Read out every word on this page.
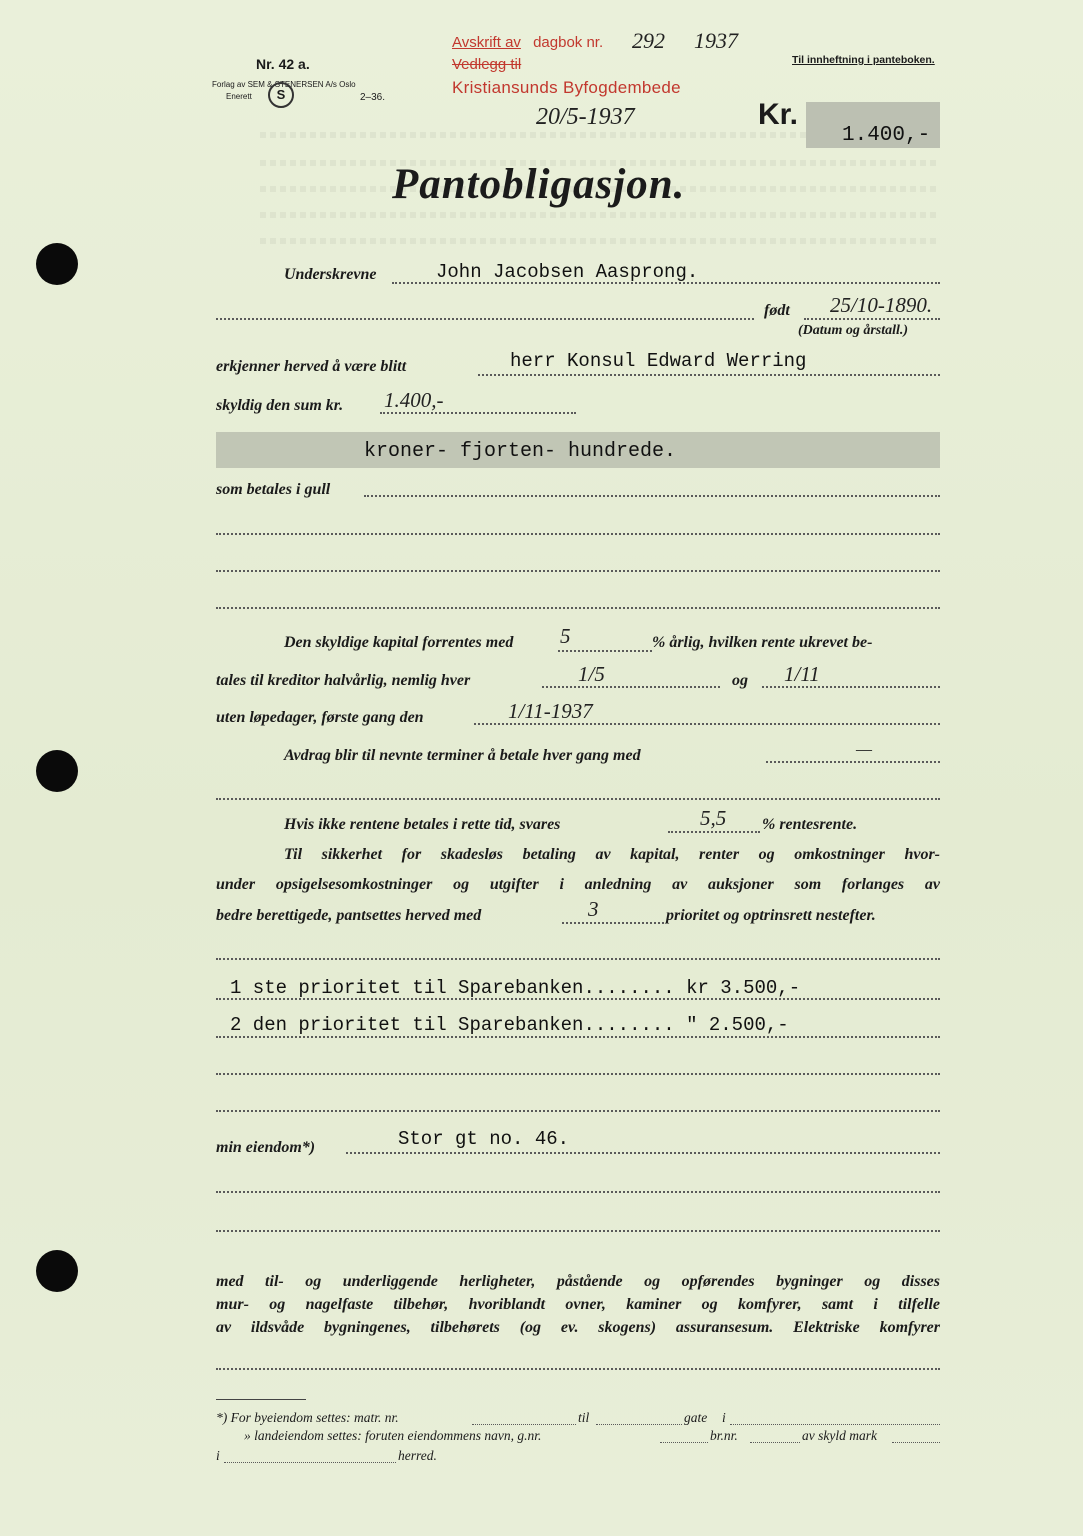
Nr. 42 a.
Forlag av SEM & STENERSEN A/s Oslo
Enerett	S	2–36.
Avskrift av dagbok nr.
Vedlegg til
Kristiansunds Byfogdembede
292 1937
20/5-1937
Til innheftning i panteboken.
Kr.
1.400,-
Pantobligasjon.
Underskrevne	John Jacobsen Aasprong.
født 25/10-1890.
(Datum og årstall.)
erkjenner herved å være blitt	herr Konsul Edward Werring
skyldig den sum kr. 1.400,-
kroner- fjorten- hundrede.
som betales i gull
Den skyldige kapital forrentes med 5	% årlig, hvilken rente ukrevet be-
tales til kreditor halvårlig, nemlig hver	1/5	og 1/11
uten løpedager, første gang den	1/11-1937
Avdrag blir til nevnte terminer å betale hver gang med	—
Hvis ikke rentene betales i rette tid, svares	5,5 % rentesrente.
Til sikkerhet for skadesløs betaling av kapital, renter og omkostninger hvor-
under opsigelsesomkostninger og utgifter i anledning av auksjoner som forlanges av
bedre berettigede, pantsettes herved med	3	prioritet og optrinsrett nestefter.
1 ste prioritet til Sparebanken........ kr 3.500,-
2 den prioritet til Sparebanken........ " 2.500,-
min eiendom*)	Stor gt no. 46.
med til- og underliggende herligheter, påstående og opførendes bygninger og disses
mur- og nagelfaste tilbehør, hvoriblandt ovner, kaminer og komfyrer, samt i tilfelle
av ildsvåde bygningenes, tilbehørets (og ev. skogens) assuransesum. Elektriske komfyrer
*) For byeiendom settes: matr. nr.	til	gate i
» landeiendom settes: foruten eiendommens navn, g.nr.	br.nr.	av skyld mark
i	herred.
